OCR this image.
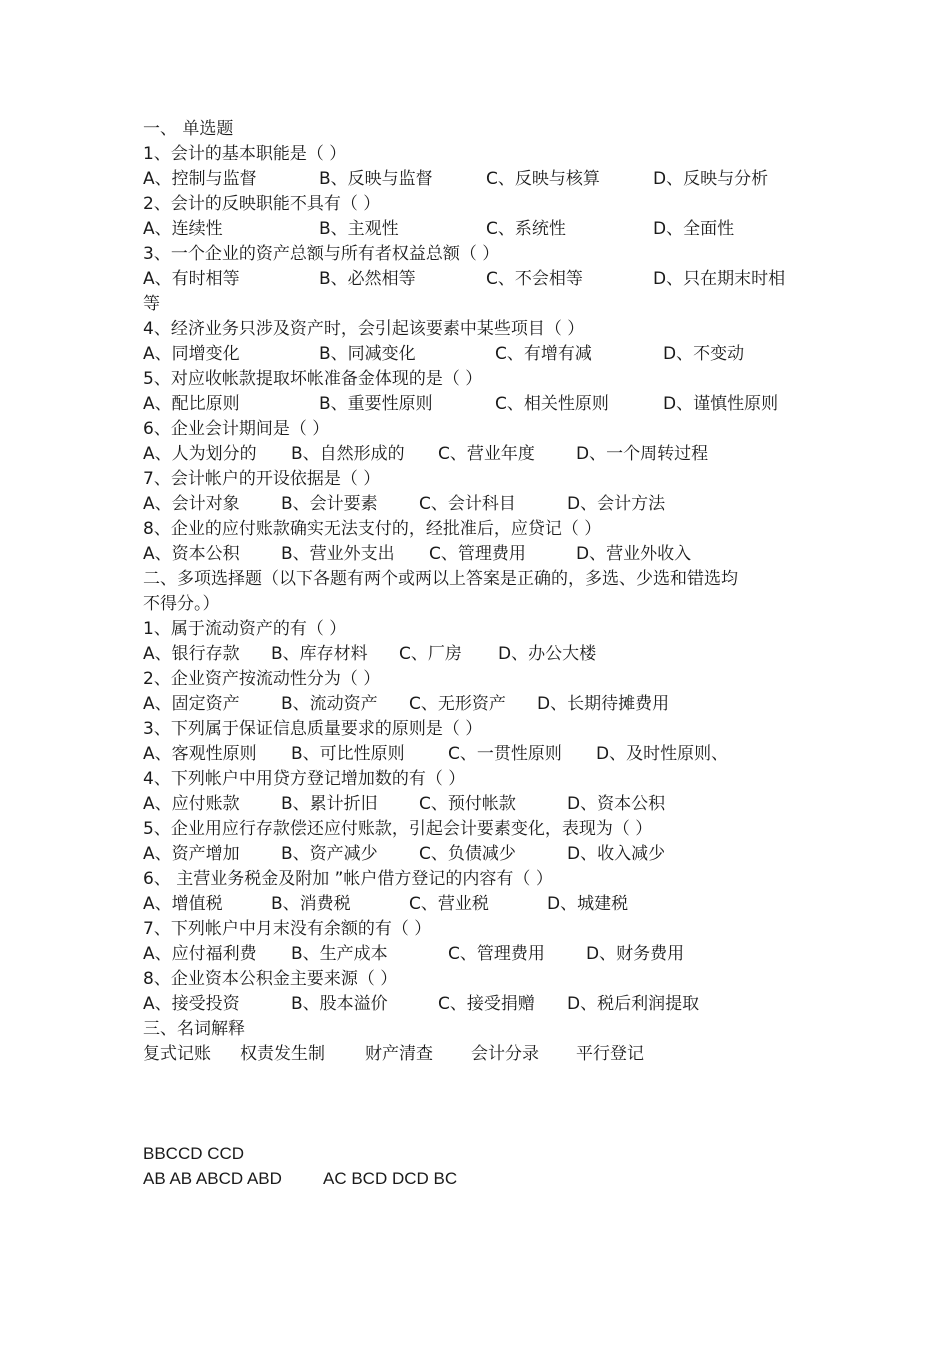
一、 单选题
1、会计的基本职能是（ ）
A、控制与监督	B、反映与监督	C、反映与核算	D、反映与分析
2、会计的反映职能不具有（ ）
A、连续性	B、主观性	C、系统性	D、全面性
3、一个企业的资产总额与所有者权益总额（ ）
A、有时相等	B、必然相等	C、不会相等	D、只在期末时相
等
4、经济业务只涉及资产时，会引起该要素中某些项目（ ）
A、同增变化	B、同减变化	C、有增有减	D、不变动
5、对应收帐款提取坏帐准备金体现的是（ ）
A、配比原则	B、重要性原则	C、相关性原则	D、谨慎性原则
6、企业会计期间是（ ）
A、人为划分的 B、自然形成的 C、营业年度 D、一个周转过程
7、会计帐户的开设依据是（ ）
A、会计对象 B、会计要素 C、会计科目	D、会计方法
8、企业的应付账款确实无法支付的，经批准后，应贷记（ ）
A、资本公积 B、营业外支出 C、管理费用	D、营业外收入
二、多项选择题（以下各题有两个或两以上答案是正确的，多选、少选和错选均
不得分。）
1、属于流动资产的有（ ）
A、银行存款 B、库存材料 C、厂房 D、办公大楼
2、企业资产按流动性分为（ ）
A、固定资产 B、流动资产 C、无形资产 D、长期待摊费用
3、下列属于保证信息质量要求的原则是（ ）
A、客观性原则 B、可比性原则	C、一贯性原则 D、及时性原则、
4、下列帐户中用贷方登记增加数的有（ ）
A、应付账款 B、累计折旧 C、预付帐款	D、资本公积
5、企业用应行存款偿还应付账款，引起会计要素变化，表现为（ ）
A、资产增加 B、资产减少 C、负债减少	D、收入减少
6、 主营业务税金及附加 ”帐户借方登记的内容有（ ）
A、增值税	B、消费税	C、营业税	D、城建税
7、下列帐户中月末没有余额的有（ ）
A、应付福利费 B、生产成本	C、管理费用 D、财务费用
8、企业资本公积金主要来源（ ）
A、接受投资	B、股本溢价	C、接受捐赠 D、税后利润提取
三、名词解释
复式记账 权责发生制 财产清查 会计分录 平行登记
BBCCD CCD
AB AB ABCD ABD AC BCD DCD BC
